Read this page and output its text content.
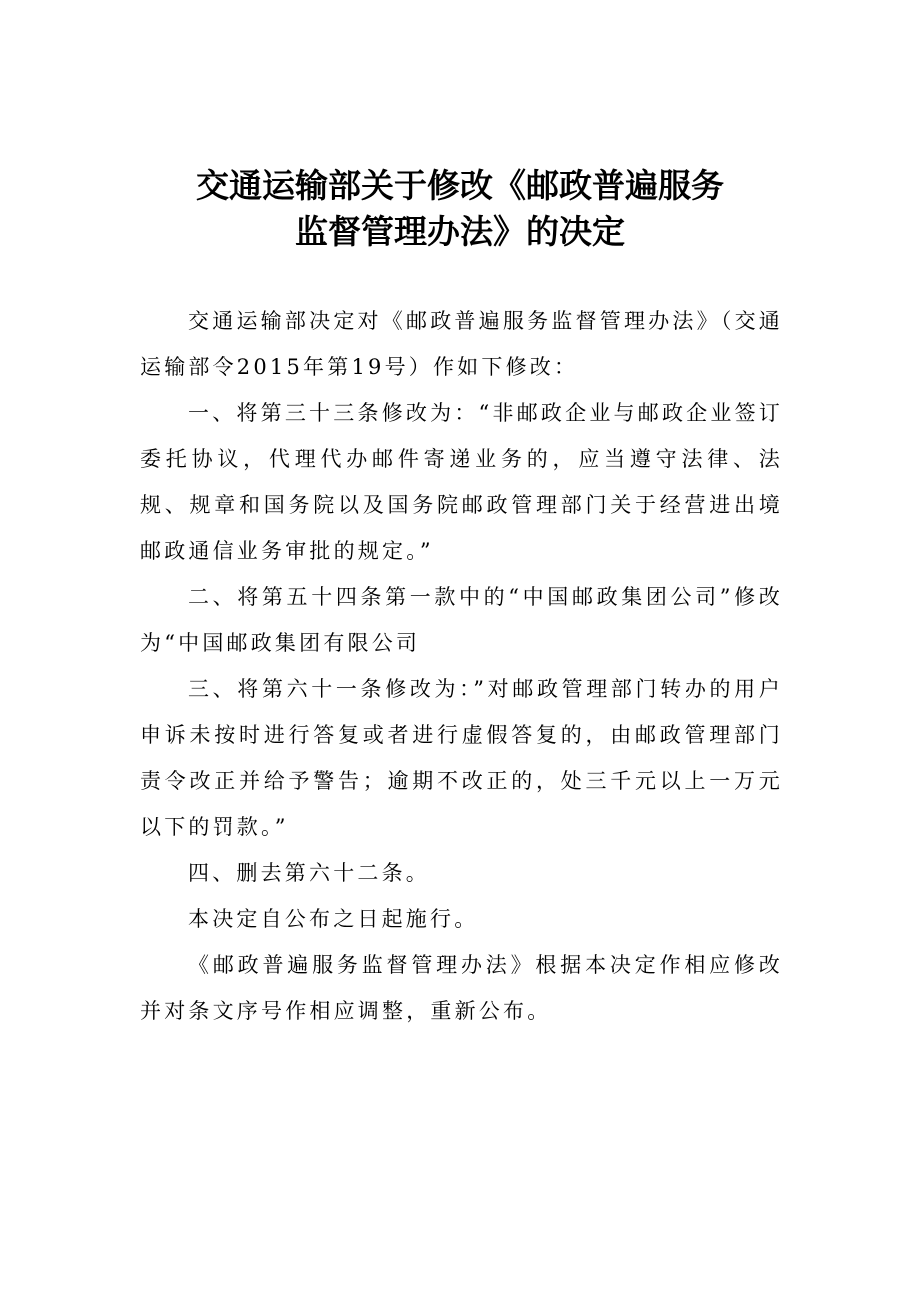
交通运输部关于修改《邮政普遍服务
监督管理办法》的决定

交通运输部决定对《邮政普遍服务监督管理办法》（交通运输部令2015年第19号）作如下修改：

一、将第三十三条修改为：“非邮政企业与邮政企业签订委托协议，代理代办邮件寄递业务的，应当遵守法律、法规、规章和国务院以及国务院邮政管理部门关于经营进出境邮政通信业务审批的规定。”

二、将第五十四条第一款中的“中国邮政集团公司”修改为“中国邮政集团有限公司

三、将第六十一条修改为：”对邮政管理部门转办的用户申诉未按时进行答复或者进行虚假答复的，由邮政管理部门责令改正并给予警告；逾期不改正的，处三千元以上一万元以下的罚款。”

四、删去第六十二条。

本决定自公布之日起施行。

《邮政普遍服务监督管理办法》根据本决定作相应修改并对条文序号作相应调整，重新公布。
